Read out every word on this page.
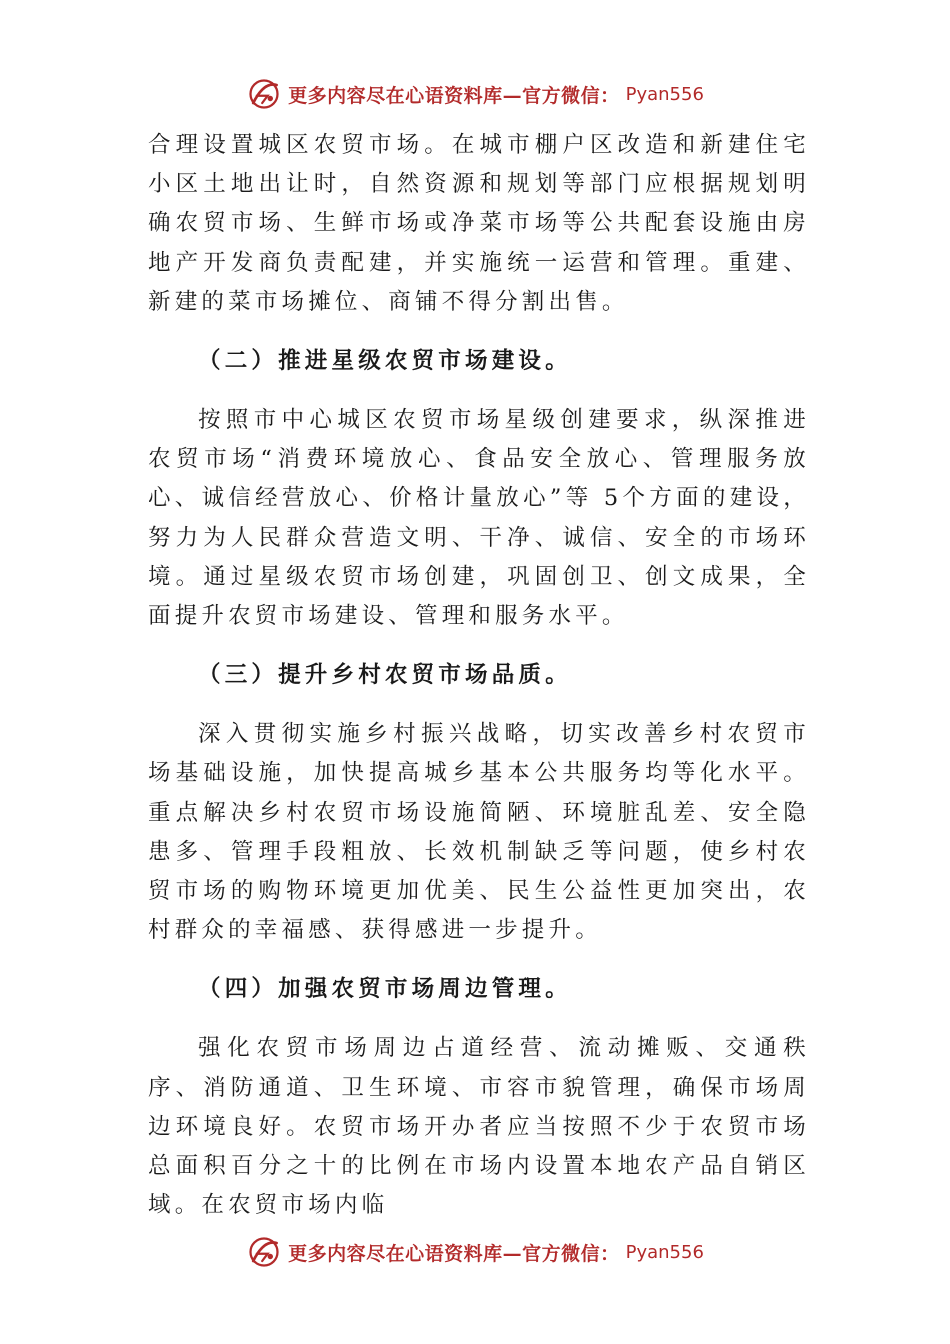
更多内容尽在心语资料库—官方微信： Pyan556

合理设置城区农贸市场。在城市棚户区改造和新建住宅小区土地出让时，自然资源和规划等部门应根据规划明确农贸市场、生鲜市场或净菜市场等公共配套设施由房地产开发商负责配建，并实施统一运营和管理。重建、新建的菜市场摊位、商铺不得分割出售。

（二）推进星级农贸市场建设。

按照市中心城区农贸市场星级创建要求，纵深推进农贸市场“消费环境放心、食品安全放心、管理服务放心、诚信经营放心、价格计量放心”等 5个方面的建设，努力为人民群众营造文明、干净、诚信、安全的市场环境。通过星级农贸市场创建，巩固创卫、创文成果，全面提升农贸市场建设、管理和服务水平。

（三）提升乡村农贸市场品质。

深入贯彻实施乡村振兴战略，切实改善乡村农贸市场基础设施，加快提高城乡基本公共服务均等化水平。重点解决乡村农贸市场设施简陋、环境脏乱差、安全隐患多、管理手段粗放、长效机制缺乏等问题，使乡村农贸市场的购物环境更加优美、民生公益性更加突出，农村群众的幸福感、获得感进一步提升。

（四）加强农贸市场周边管理。

强化农贸市场周边占道经营、流动摊贩、交通秩序、消防通道、卫生环境、市容市貌管理，确保市场周边环境良好。农贸市场开办者应当按照不少于农贸市场总面积百分之十的比例在市场内设置本地农产品自销区域。在农贸市场内临

更多内容尽在心语资料库—官方微信： Pyan556
